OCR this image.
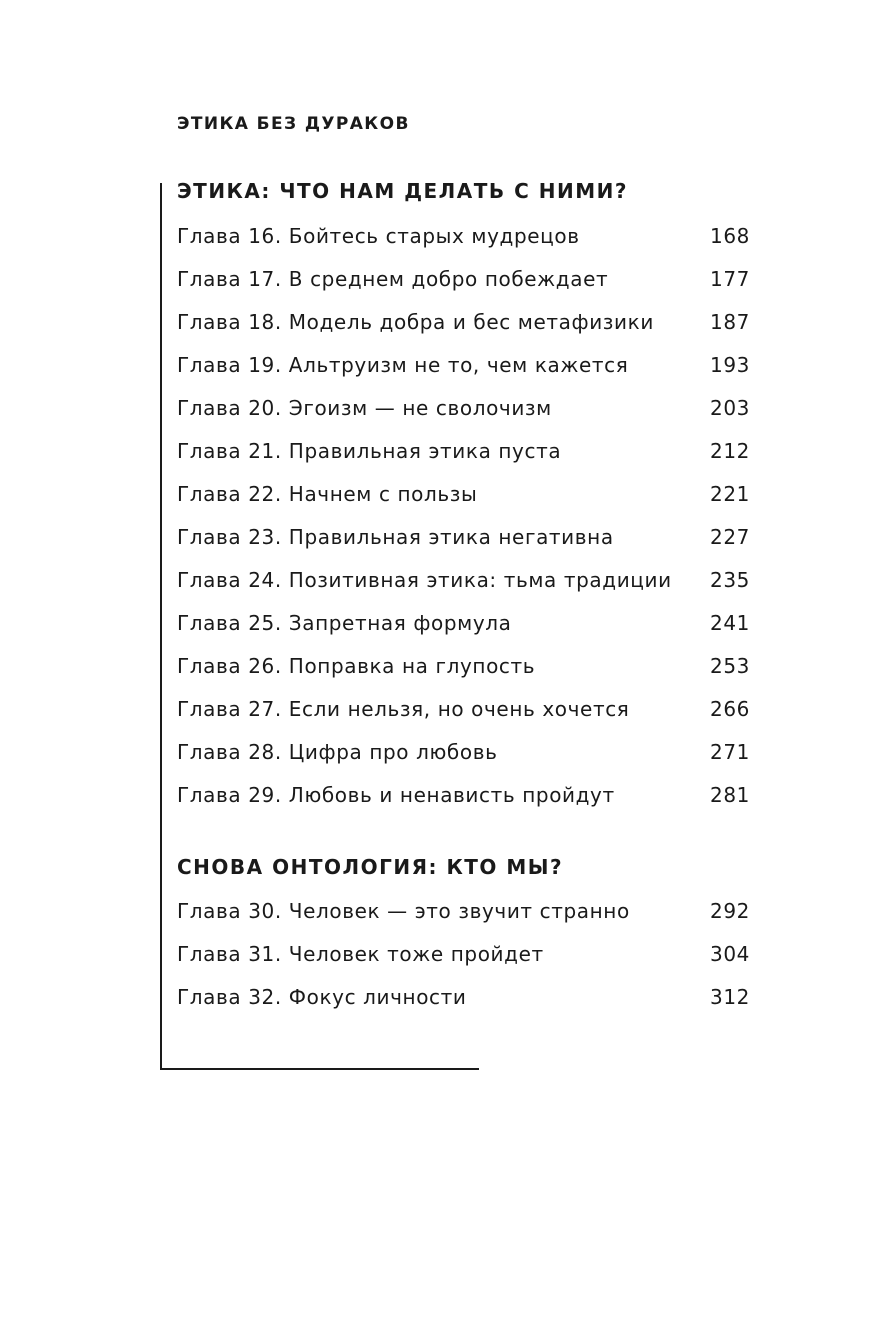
ЭТИКА БЕЗ ДУРАКОВ
ЭТИКА: ЧТО НАМ ДЕЛАТЬ С НИМИ?
Глава 16. Бойтесь старых мудрецов	168
Глава 17. В среднем добро побеждает	177
Глава 18. Модель добра и бес метафизики	187
Глава 19. Альтруизм не то, чем кажется	193
Глава 20. Эгоизм — не сволочизм	203
Глава 21. Правильная этика пуста	212
Глава 22. Начнем с пользы	221
Глава 23. Правильная этика негативна	227
Глава 24. Позитивная этика: тьма традиции 235
Глава 25. Запретная формула	241
Глава 26. Поправка на глупость	253
Глава 27. Если нельзя, но очень хочется	266
Глава 28. Цифра про любовь	271
Глава 29. Любовь и ненависть пройдут	281
СНОВА ОНТОЛОГИЯ: КТО МЫ?
Глава 30. Человек — это звучит странно	292
Глава 31. Человек тоже пройдет	304
Глава 32. Фокус личности	312
